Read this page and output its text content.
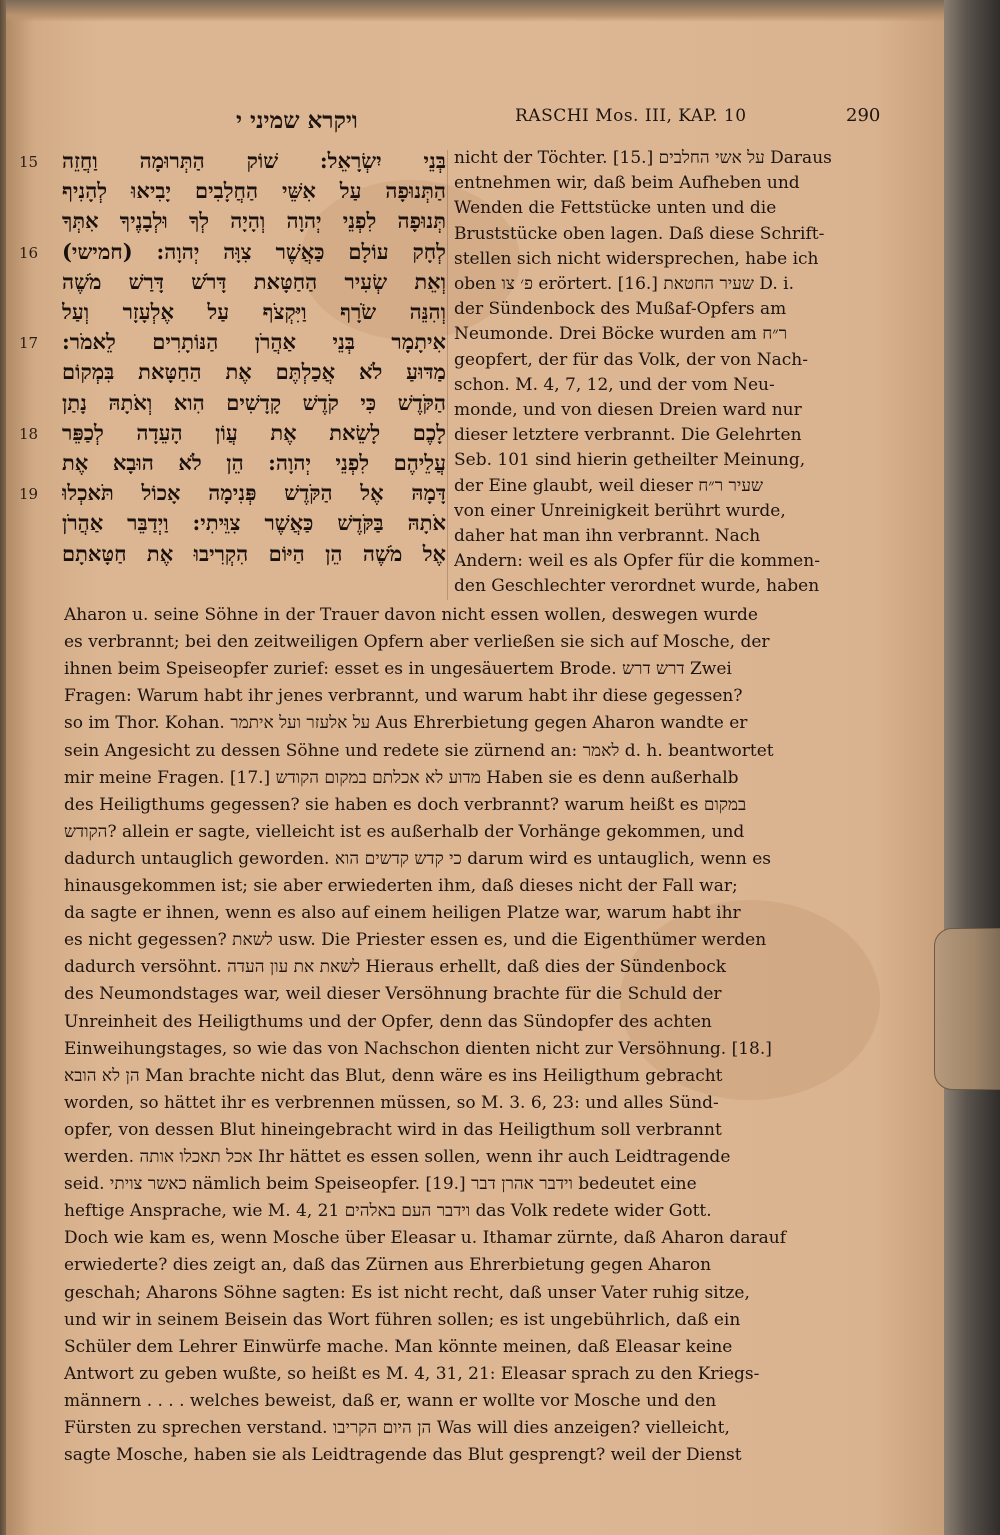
ויקרא שמיני י	RASCHI Mos. III, KAP. 10	290
בְּנֵי יִשְׂרָאֵל: שׁוֹק הַתְּרוּמָה וַחֲזֵה
15
הַתְּנוּפָה עַל אִשֵּׁי הַחֲלָבִים יָבִיאוּ לְהָנִיף
תְּנוּפָה לִפְנֵי יְהוָה וְהָיָה לְךָ וּלְבָנֶיךָ אִתְּךָ
לְחָק עוֹלָם כַּאֲשֶׁר צִוָּה יְהוָה: (חמישי)
16
וְאֵת שְׂעִיר הַחַטָּאת דָּרֹשׁ דָּרַשׁ מֹשֶׁה
וְהִנֵּה שֹׂרָף וַיִּקְצֹף עַל אֶלְעָזָר וְעַל
אִיתָמָר בְּנֵי אַהֲרֹן הַנּוֹתָרִים לֵאמֹר:
17
מַדּוּעַ לֹא אֲכַלְתֶּם אֶת הַחַטָּאת בִּמְקוֹם
הַקֹּדֶשׁ כִּי קֹדֶשׁ קָדָשִׁים הִוא וְאֹתָהּ נָתַן
לָכֶם לָשֵׂאת אֶת עֲוֹן הָעֵדָה לְכַפֵּר
18
עֲלֵיהֶם לִפְנֵי יְהוָה: הֵן לֹא הוּבָא אֶת
דָּמָהּ אֶל הַקֹּדֶשׁ פְּנִימָה אָכוֹל תֹּאכְלוּ
19
אֹתָהּ בַּקֹּדֶשׁ כַּאֲשֶׁר צִוֵּיתִי: וַיְדַבֵּר אַהֲרֹן
אֶל מֹשֶׁה הֵן הַיּוֹם הִקְרִיבוּ אֶת חַטָּאתָם
nicht der Töchter. [15.] על אשי החלבים Daraus
entnehmen wir, daß beim Aufheben und
Wenden die Fettstücke unten und die
Bruststücke oben lagen. Daß diese Schrift-
stellen sich nicht widersprechen, habe ich
oben פ׳ צו erörtert. [16.] שעיר החטאת D. i.
der Sündenbock des Mußaf-Opfers am
Neumonde. Drei Böcke wurden am ר״ח
geopfert, der für das Volk, der von Nach-
schon. M. 4, 7, 12, und der vom Neu-
monde, und von diesen Dreien ward nur
dieser letztere verbrannt. Die Gelehrten
Seb. 101 sind hierin getheilter Meinung,
der Eine glaubt, weil dieser שעיר ר״ח
von einer Unreinigkeit berührt wurde,
daher hat man ihn verbrannt. Nach
Andern: weil es als Opfer für die kommen-
den Geschlechter verordnet wurde, haben
Aharon u. seine Söhne in der Trauer davon nicht essen wollen, deswegen wurde
es verbrannt; bei den zeitweiligen Opfern aber verließen sie sich auf Mosche, der
ihnen beim Speiseopfer zurief: esset es in ungesäuertem Brode. דרש דרש Zwei
Fragen: Warum habt ihr jenes verbrannt, und warum habt ihr diese gegessen?
so im Thor. Kohan. על אלעזר ועל איתמר Aus Ehrerbietung gegen Aharon wandte er
sein Angesicht zu dessen Söhne und redete sie zürnend an: לאמר d. h. beantwortet
mir meine Fragen. [17.] מדוע לא אכלתם במקום הקודש Haben sie es denn außerhalb
des Heiligthums gegessen? sie haben es doch verbrannt? warum heißt es במקום
הקודש? allein er sagte, vielleicht ist es außerhalb der Vorhänge gekommen, und
dadurch untauglich geworden. כי קדש קדשים הוא darum wird es untauglich, wenn es
hinausgekommen ist; sie aber erwiederten ihm, daß dieses nicht der Fall war;
da sagte er ihnen, wenn es also auf einem heiligen Platze war, warum habt ihr
es nicht gegessen? לשאת usw. Die Priester essen es, und die Eigenthümer werden
dadurch versöhnt. לשאת את עון העדה Hieraus erhellt, daß dies der Sündenbock
des Neumondstages war, weil dieser Versöhnung brachte für die Schuld der
Unreinheit des Heiligthums und der Opfer, denn das Sündopfer des achten
Einweihungstages, so wie das von Nachschon dienten nicht zur Versöhnung. [18.]
הן לא הובא Man brachte nicht das Blut, denn wäre es ins Heiligthum gebracht
worden, so hättet ihr es verbrennen müssen, so M. 3. 6, 23: und alles Sünd-
opfer, von dessen Blut hineingebracht wird in das Heiligthum soll verbrannt
werden. אכל תאכלו אותה Ihr hättet es essen sollen, wenn ihr auch Leidtragende
seid. כאשר צויתי nämlich beim Speiseopfer. [19.] וידבר אהרן דבר bedeutet eine
heftige Ansprache, wie M. 4, 21 וידבר העם באלהים das Volk redete wider Gott.
Doch wie kam es, wenn Mosche über Eleasar u. Ithamar zürnte, daß Aharon darauf
erwiederte? dies zeigt an, daß das Zürnen aus Ehrerbietung gegen Aharon
geschah; Aharons Söhne sagten: Es ist nicht recht, daß unser Vater ruhig sitze,
und wir in seinem Beisein das Wort führen sollen; es ist ungebührlich, daß ein
Schüler dem Lehrer Einwürfe mache. Man könnte meinen, daß Eleasar keine
Antwort zu geben wußte, so heißt es M. 4, 31, 21: Eleasar sprach zu den Kriegs-
männern . . . . welches beweist, daß er, wann er wollte vor Mosche und den
Fürsten zu sprechen verstand. הן היום הקריבו Was will dies anzeigen? vielleicht,
sagte Mosche, haben sie als Leidtragende das Blut gesprengt? weil der Dienst
